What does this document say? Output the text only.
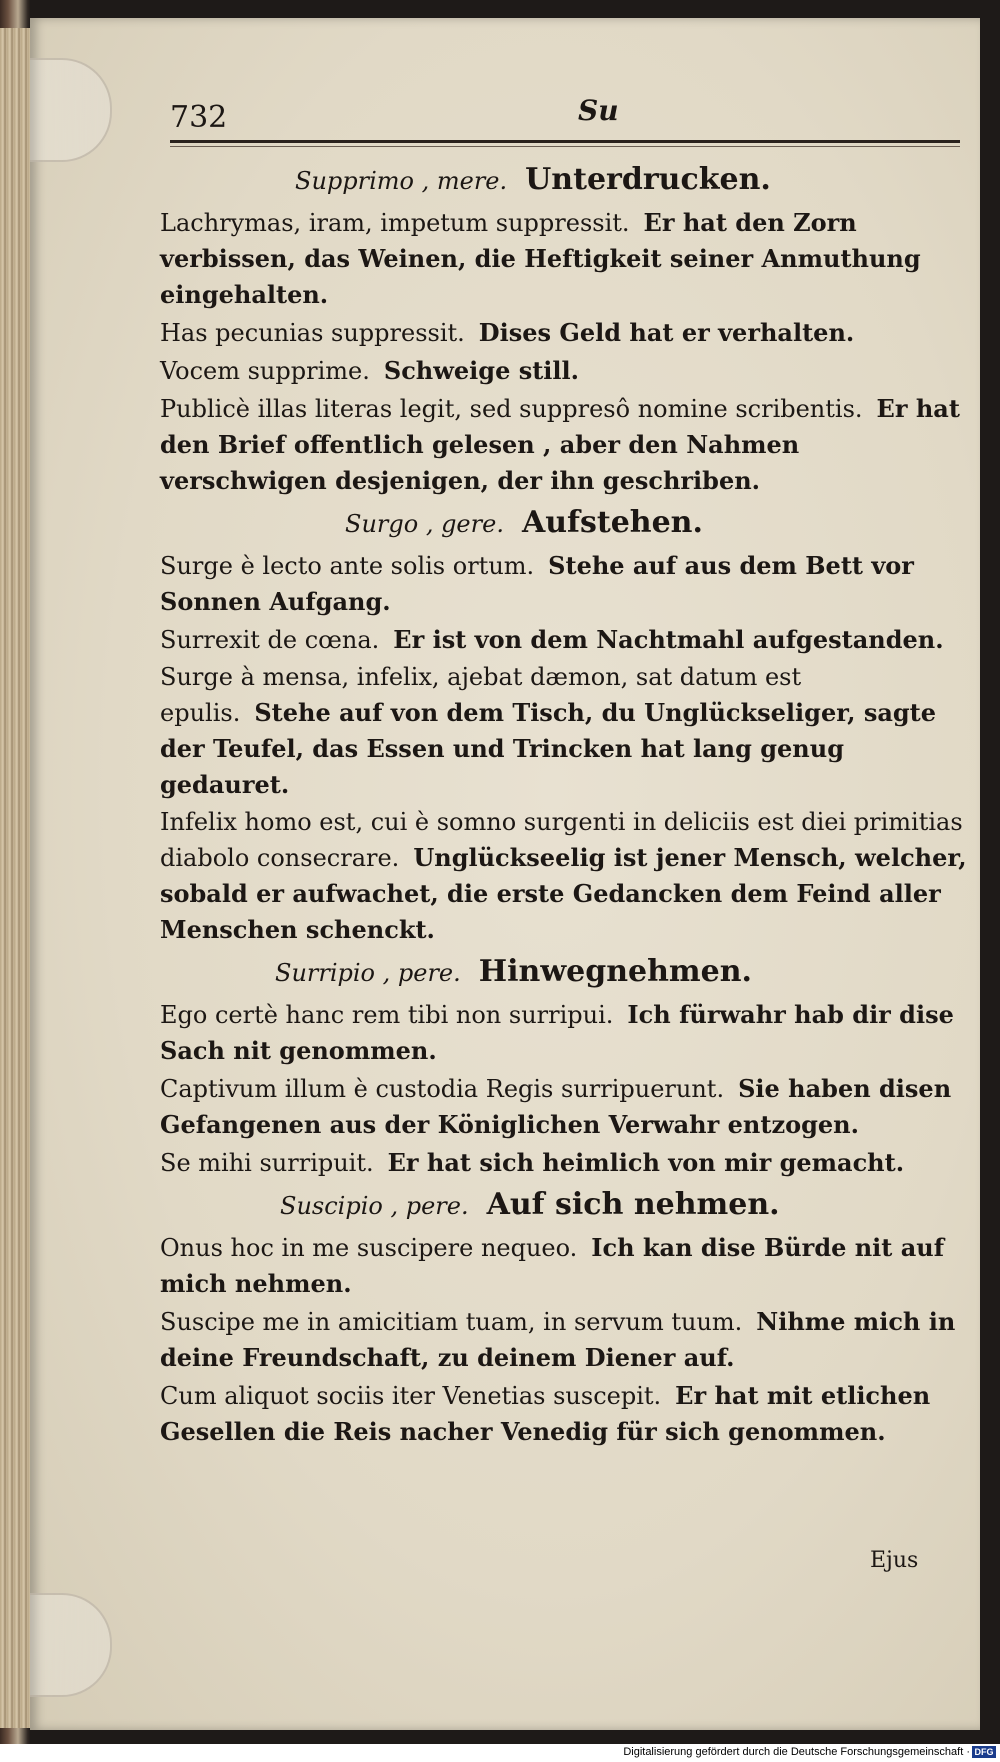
732	Su
Supprimo , mere. Unterdrucken.
Lachrymas, iram, impetum suppressit. Er hat den Zorn verbissen, das Weinen, die Heftigkeit seiner Anmuthung eingehalten.
Has pecunias suppressit. Dises Geld hat er verhalten.
Vocem supprime. Schweige still.
Publicè illas literas legit, sed suppresô nomine scribentis. Er hat den Brief offentlich gelesen , aber den Nahmen verschwigen desjenigen, der ihn geschriben.
Surgo , gere. Aufstehen.
Surge è lecto ante solis ortum. Stehe auf aus dem Bett vor Sonnen Aufgang.
Surrexit de cœna. Er ist von dem Nachtmahl aufgestanden.
Surge à mensa, infelix, ajebat dæmon, sat datum est epulis. Stehe auf von dem Tisch, du Unglückseliger, sagte der Teufel, das Essen und Trincken hat lang genug gedauret.
Infelix homo est, cui è somno surgenti in deliciis est diei primitias diabolo consecrare. Unglückseelig ist jener Mensch, welcher, sobald er aufwachet, die erste Gedancken dem Feind aller Menschen schenckt.
Surripio , pere. Hinwegnehmen.
Ego certè hanc rem tibi non surripui. Ich fürwahr hab dir dise Sach nit genommen.
Captivum illum è custodia Regis surripuerunt. Sie haben disen Gefangenen aus der Königlichen Verwahr entzogen.
Se mihi surripuit. Er hat sich heimlich von mir gemacht.
Suscipio , pere. Auf sich nehmen.
Onus hoc in me suscipere nequeo. Ich kan dise Bürde nit auf mich nehmen.
Suscipe me in amicitiam tuam, in servum tuum. Nihme mich in deine Freundschaft, zu deinem Diener auf.
Cum aliquot sociis iter Venetias suscepit. Er hat mit etlichen Gesellen die Reis nacher Venedig für sich genommen.
Ejus
Digitalisierung gefördert durch die Deutsche Forschungsgemeinschaft · DFG
